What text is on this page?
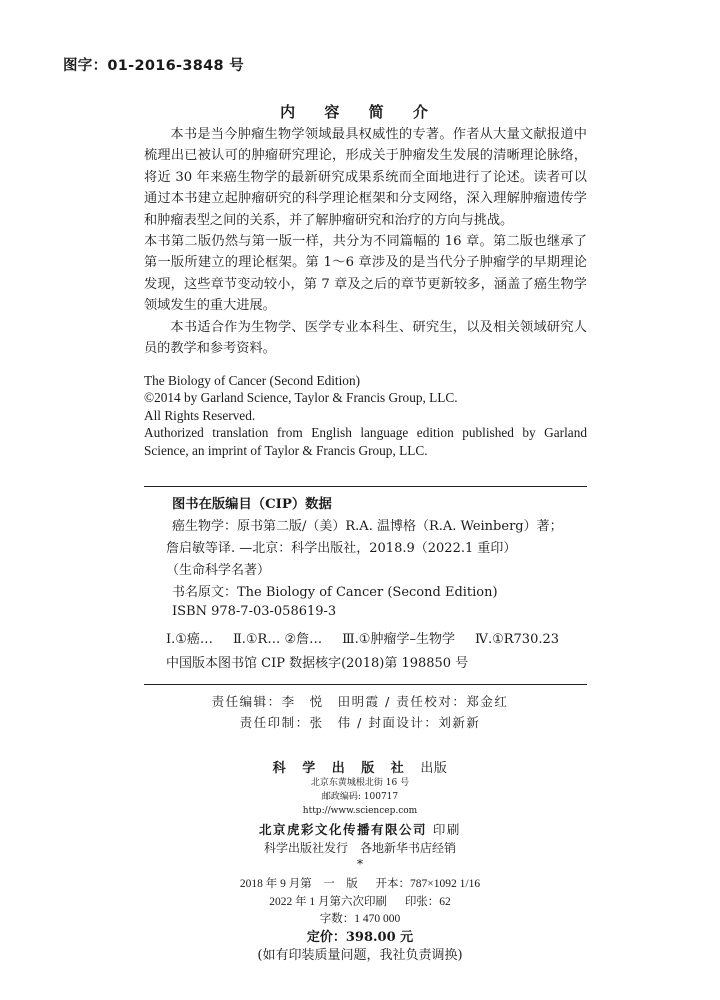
图字：01-2016-3848 号
内 容 简 介

本书是当今肿瘤生物学领域最具权威性的专著。作者从大量文献报道中梳理出已被认可的肿瘤研究理论，形成关于肿瘤发生发展的清晰理论脉络，将近 30 年来癌生物学的最新研究成果系统而全面地进行了论述。读者可以通过本书建立起肿瘤研究的科学理论框架和分支网络，深入理解肿瘤遗传学和肿瘤表型之间的关系，并了解肿瘤研究和治疗的方向与挑战。

本书第二版仍然与第一版一样，共分为不同篇幅的 16 章。第二版也继承了第一版所建立的理论框架。第 1～6 章涉及的是当代分子肿瘤学的早期理论发现，这些章节变动较小，第 7 章及之后的章节更新较多，涵盖了癌生物学领域发生的重大进展。

本书适合作为生物学、医学专业本科生、研究生，以及相关领域研究人员的教学和参考资料。

The Biology of Cancer (Second Edition)
©2014 by Garland Science, Taylor & Francis Group, LLC.
All Rights Reserved.
Authorized translation from English language edition published by Garland Science, an imprint of Taylor & Francis Group, LLC.
图书在版编目（CIP）数据
癌生物学：原书第二版/（美）R.A. 温博格（R.A. Weinberg）著；
詹启敏等译. —北京：科学出版社，2018.9（2022.1 重印）
（生命科学名著）
书名原文：The Biology of Cancer (Second Edition)
ISBN 978-7-03-058619-3
Ⅰ.①癌… Ⅱ.①R… ②詹… Ⅲ.①肿瘤学–生物学 Ⅳ.①R730.23
中国版本图书馆 CIP 数据核字(2018)第 198850 号
责任编辑：李　悦　田明霞 / 责任校对：郑金红
责任印制：张　伟 / 封面设计：刘新新
科 学 出 版 社 出版
北京东黄城根北街 16 号
邮政编码: 100717
http://www.sciencep.com
北京虎彩文化传播有限公司 印刷
科学出版社发行　各地新华书店经销
*
2018 年 9 月第　一　版 开本：787×1092 1/16
2022 年 1 月第六次印刷 印张：62
字数：1 470 000
定价：398.00 元
(如有印装质量问题，我社负责调换)
